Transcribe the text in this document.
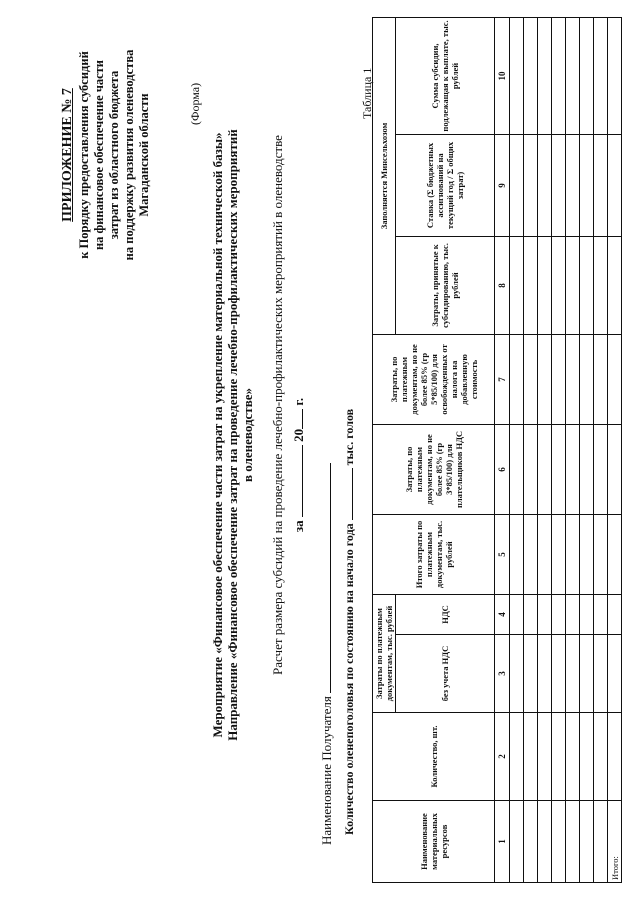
ПРИЛОЖЕНИЕ № 7 к Порядку предоставления субсидий на финансовое обеспечение части затрат из областного бюджета на поддержку развития оленеводства Магаданской области	(Форма)
Мероприятие «Финансовое обеспечение части затрат на укрепление материальной технической базы» Направление «Финансовое обеспечение затрат на проведение лечебно-профилактических мероприятий в оленеводстве» Расчет размера субсидий на проведение лечебно-профилактических мероприятий в оленеводстве за  20 г.
Наименование Получателя Количество оленепоголовья по состоянию на начало года  тыс. голов
Таблица 1
Наименование материальных ресурсов	Количество, шт.	Затраты по платежным документам, тыс. рублей		Итого затраты по платежным документам, тыс. рублей	Затраты, по платежным документам, но не более 85% (гр 3*85/100) для плательщиков НДС	Затраты, по платежным документам, но не более 85% (гр 5*85/100) для освобожденных от налога на добавленную стоимость	Заполняется Минсельхозом		
		без учета НДС	НДС				Затраты, принятые к субсидированию, тыс. рублей	Ставка (Σ бюджетных ассигнований на текущий год / Σ общих затрат)	Сумма субсидии, подлежащая к выплате, тыс. рублей
1	2	3	4	5	6	7	8	9	10

Итого:									
